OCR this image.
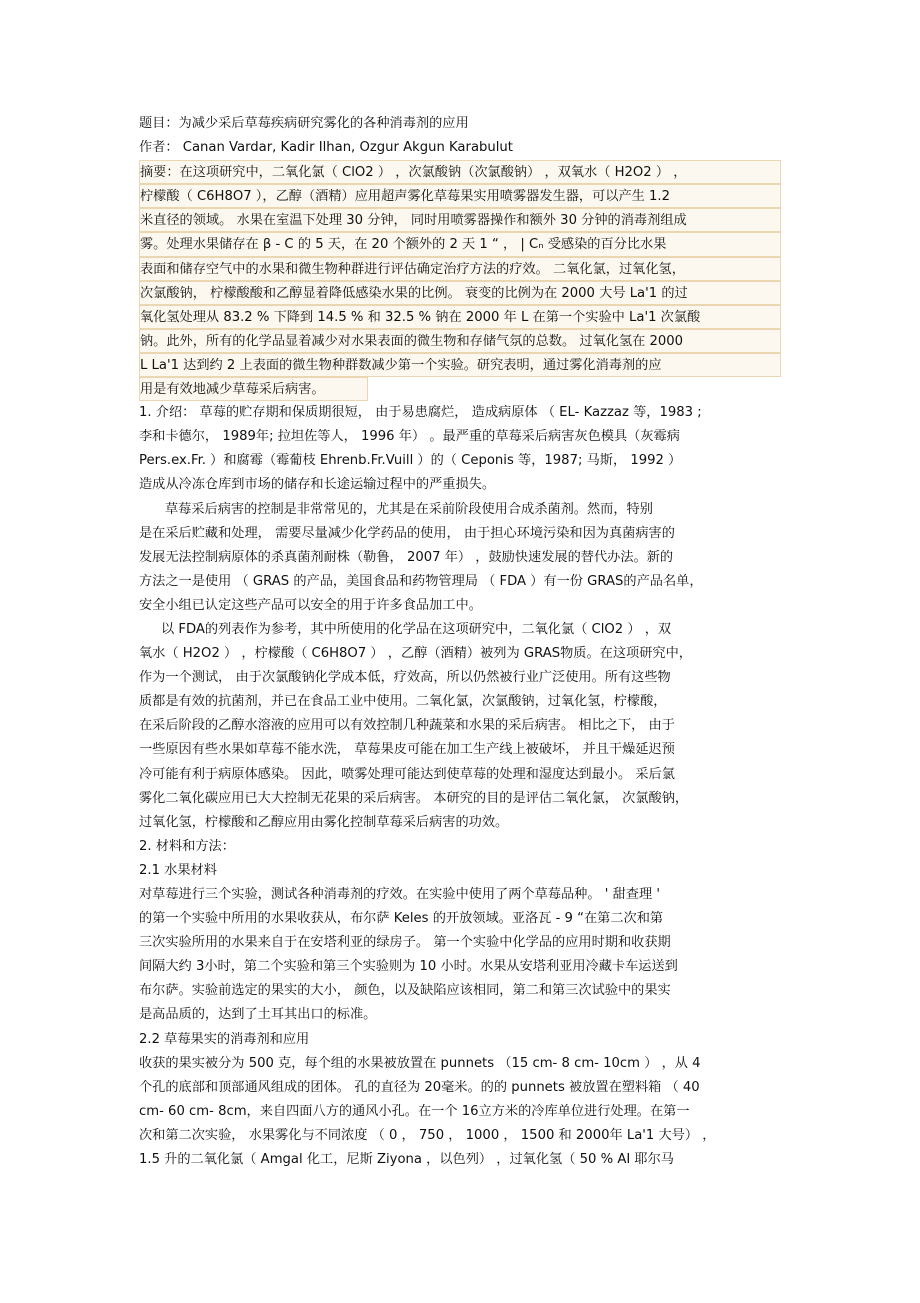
题目：为减少采后草莓疾病研究雾化的各种消毒剂的应用
作者： Canan Vardar, Kadir Ilhan, Ozgur Akgun Karabulut
摘要：在这项研究中，二氧化氯（ ClO2 ） ，次氯酸钠（次氯酸钠） ，双氧水（ H2O2 ） ，
柠檬酸（ C6H8O7 ），乙醇（酒精）应用超声雾化草莓果实用喷雾器发生器，可以产生 1.2
米直径的领域。 水果在室温下处理 30 分钟， 同时用喷雾器操作和额外 30 分钟的消毒剂组成
雾。处理水果储存在 β - C 的 5 天，在 20 个额外的 2 天 1 “ ， | Cₙ 受感染的百分比水果
表面和储存空气中的水果和微生物种群进行评估确定治疗方法的疗效。 二氧化氯，过氧化氢，
次氯酸钠， 柠檬酸酸和乙醇显着降低感染水果的比例。 衰变的比例为在 2000 大号 La'1 的过
氧化氢处理从 83.2 % 下降到 14.5 % 和 32.5 % 钠在 2000 年 L 在第一个实验中 La'1 次氯酸
钠。此外，所有的化学品显着减少对水果表面的微生物和存储气氛的总数。 过氧化氢在 2000
L La'1 达到约 2 上表面的微生物种群数减少第一个实验。研究表明，通过雾化消毒剂的应
用是有效地减少草莓采后病害。
1. 介绍： 草莓的贮存期和保质期很短， 由于易患腐烂， 造成病原体 （ EL- Kazzaz 等，1983 ;
李和卡德尔， 1989年; 拉坦佐等人， 1996 年） 。最严重的草莓采后病害灰色模具（灰霉病
Pers.ex.Fr. ）和腐霉（霉葡枝 Ehrenb.Fr.Vuill ）的（ Ceponis 等，1987; 马斯， 1992 ）
造成从冷冻仓库到市场的储存和长途运输过程中的严重损失。
草莓采后病害的控制是非常常见的，尤其是在采前阶段使用合成杀菌剂。然而，特别
是在采后贮藏和处理， 需要尽量减少化学药品的使用， 由于担心环境污染和因为真菌病害的
发展无法控制病原体的杀真菌剂耐株（勒鲁， 2007 年） ，鼓励快速发展的替代办法。新的
方法之一是使用 （ GRAS 的产品，美国食品和药物管理局 （ FDA ）有一份 GRAS的产品名单，
安全小组已认定这些产品可以安全的用于许多食品加工中。
以 FDA的列表作为参考，其中所使用的化学品在这项研究中，二氧化氯（ ClO2 ） ，双
氧水（ H2O2 ） ，柠檬酸（ C6H8O7 ） ，乙醇（酒精）被列为 GRAS物质。在这项研究中，
作为一个测试， 由于次氯酸钠化学成本低，疗效高，所以仍然被行业广泛使用。所有这些物
质都是有效的抗菌剂，并已在食品工业中使用。二氧化氯，次氯酸钠，过氧化氢，柠檬酸，
在采后阶段的乙醇水溶液的应用可以有效控制几种蔬菜和水果的采后病害。 相比之下， 由于
一些原因有些水果如草莓不能水洗， 草莓果皮可能在加工生产线上被破坏， 并且干燥延迟预
冷可能有利于病原体感染。 因此，喷雾处理可能达到使草莓的处理和湿度达到最小。 采后氯
雾化二氧化碳应用已大大控制无花果的采后病害。 本研究的目的是评估二氧化氯， 次氯酸钠，
过氧化氢，柠檬酸和乙醇应用由雾化控制草莓采后病害的功效。
2. 材料和方法：
2.1 水果材料
对草莓进行三个实验，测试各种消毒剂的疗效。在实验中使用了两个草莓品种。 ' 甜查理 '
的第一个实验中所用的水果收获从，布尔萨 Keles 的开放领域。亚洛瓦 - 9 “在第二次和第
三次实验所用的水果来自于在安塔利亚的绿房子。 第一个实验中化学品的应用时期和收获期
间隔大约 3小时，第二个实验和第三个实验则为 10 小时。水果从安塔利亚用冷藏卡车运送到
布尔萨。实验前选定的果实的大小， 颜色，以及缺陷应该相同，第二和第三次试验中的果实
是高品质的，达到了土耳其出口的标准。
2.2 草莓果实的消毒剂和应用
收获的果实被分为 500 克，每个组的水果被放置在 punnets （15 cm- 8 cm- 10cm ） ，从 4
个孔的底部和顶部通风组成的团体。 孔的直径为 20毫米。的的 punnets 被放置在塑料箱 （ 40
cm- 60 cm- 8cm，来自四面八方的通风小孔。在一个 16立方米的冷库单位进行处理。在第一
次和第二次实验， 水果雾化与不同浓度 （ 0 ， 750 ， 1000 ， 1500 和 2000年 La'1 大号） ，
1.5 升的二氧化氯（ Amgal 化工，尼斯 Ziyona ，以色列） ，过氧化氢（ 50 % AI 耶尔马
